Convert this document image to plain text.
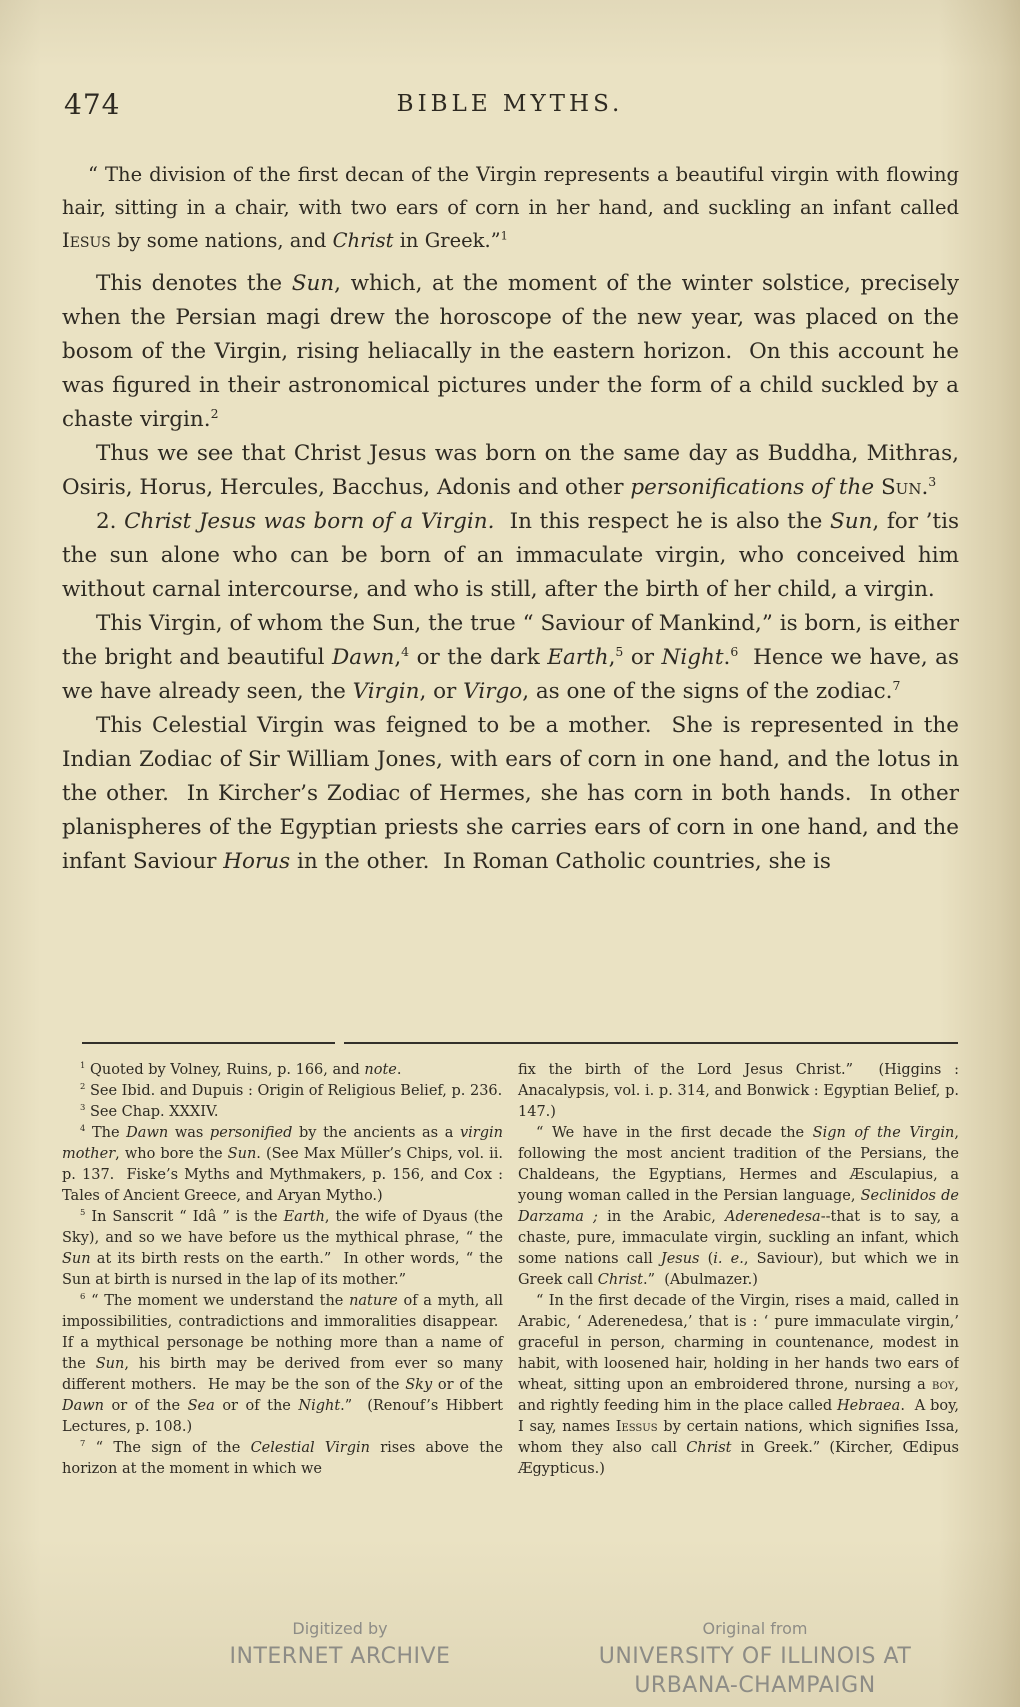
474	BIBLE MYTHS.

“ The division of the first decan of the Virgin represents a beautiful virgin with flowing hair, sitting in a chair, with two ears of corn in her hand, and suckling an infant called Iesus by some nations, and Christ in Greek.”$^1$

This denotes the Sun, which, at the moment of the winter solstice, precisely when the Persian magi drew the horoscope of the new year, was placed on the bosom of the Virgin, rising heliacally in the eastern horizon.  On this account he was figured in their astronomical pictures under the form of a child suckled by a chaste virgin.$^2$

Thus we see that Christ Jesus was born on the same day as Buddha, Mithras, Osiris, Horus, Hercules, Bacchus, Adonis and other personifications of the Sun.$^3$

2. Christ Jesus was born of a Virgin.  In this respect he is also the Sun, for ’tis the sun alone who can be born of an immaculate virgin, who conceived him without carnal intercourse, and who is still, after the birth of her child, a virgin.

This Virgin, of whom the Sun, the true “ Saviour of Mankind,” is born, is either the bright and beautiful Dawn,$^4$ or the dark Earth,$^5$ or Night.$^6$  Hence we have, as we have already seen, the Virgin, or Virgo, as one of the signs of the zodiac.$^7$

This Celestial Virgin was feigned to be a mother.  She is represented in the Indian Zodiac of Sir William Jones, with ears of corn in one hand, and the lotus in the other.  In Kircher’s Zodiac of Hermes, she has corn in both hands.  In other planispheres of the Egyptian priests she carries ears of corn in one hand, and the infant Saviour Horus in the other.  In Roman Catholic countries, she is

$^1$ Quoted by Volney, Ruins, p. 166, and note.

$^2$ See Ibid. and Dupuis : Origin of Religious Belief, p. 236.

$^3$ See Chap. XXXIV.

$^4$ The Dawn was personified by the ancients as a virgin mother, who bore the Sun. (See Max Müller’s Chips, vol. ii. p. 137.  Fiske’s Myths and Mythmakers, p. 156, and Cox : Tales of Ancient Greece, and Aryan Mytho.)

$^5$ In Sanscrit “ Idâ ” is the Earth, the wife of Dyaus (the Sky), and so we have before us the mythical phrase, “ the Sun at its birth rests on the earth.”  In other words, “ the Sun at birth is nursed in the lap of its mother.”

$^6$ “ The moment we understand the nature of a myth, all impossibilities, contradictions and immoralities disappear.  If a mythical personage be nothing more than a name of the Sun, his birth may be derived from ever so many different mothers.  He may be the son of the Sky or of the Dawn or of the Sea or of the Night.”  (Renouf’s Hibbert Lectures, p. 108.)

$^7$ “ The sign of the Celestial Virgin rises above the horizon at the moment in which we

fix the birth of the Lord Jesus Christ.”  (Higgins : Anacalypsis, vol. i. p. 314, and Bonwick : Egyptian Belief, p. 147.)

“ We have in the first decade the Sign of the Virgin, following the most ancient tradition of the Persians, the Chaldeans, the Egyptians, Hermes and Æsculapius, a young woman called in the Persian language, Seclinidos de Darzama ; in the Arabic, Aderenedesa--that is to say, a chaste, pure, immaculate virgin, suckling an infant, which some nations call Jesus (i. e., Saviour), but which we in Greek call Christ.”  (Abulmazer.)

“ In the first decade of the Virgin, rises a maid, called in Arabic, ‘ Aderenedesa,’ that is : ‘ pure immaculate virgin,’ graceful in person, charming in countenance, modest in habit, with loosened hair, holding in her hands two ears of wheat, sitting upon an embroidered throne, nursing a boy, and rightly feeding him in the place called Hebraea.  A boy, I say, names Iessus by certain nations, which signifies Issa, whom they also call Christ in Greek.” (Kircher, Œdipus Ægypticus.)

Digitized by
INTERNET ARCHIVE
Original from
UNIVERSITY OF ILLINOIS AT
URBANA-CHAMPAIGN
